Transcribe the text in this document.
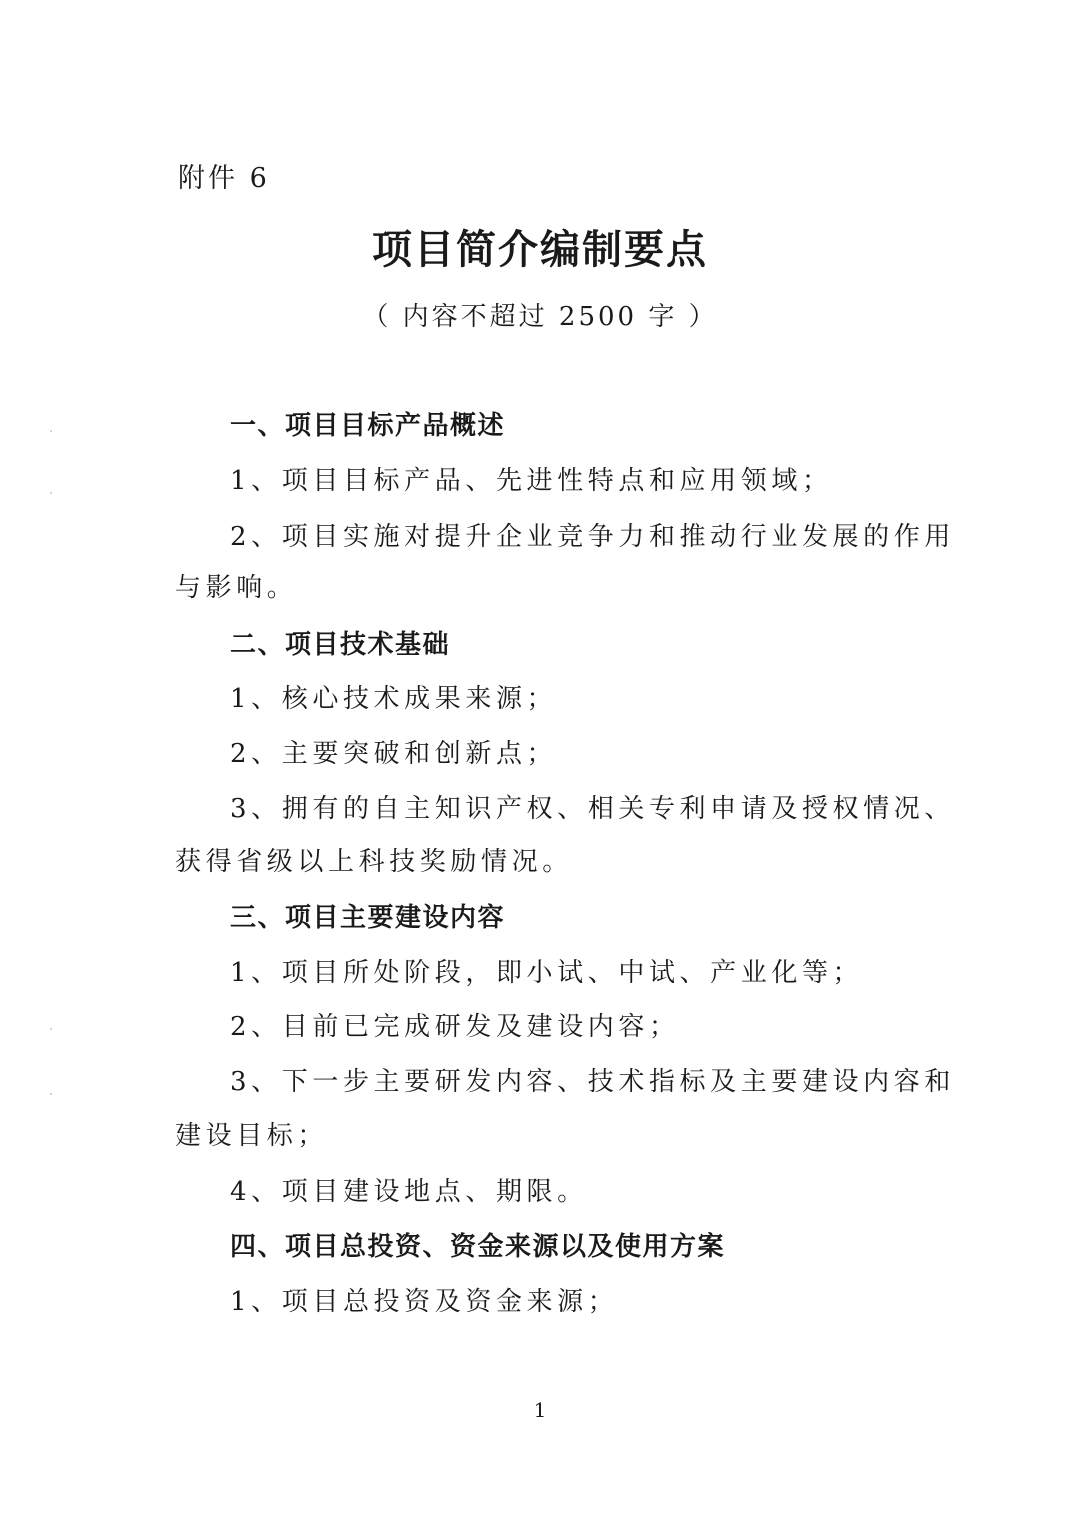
附件 6
项目简介编制要点
（ 内容不超过 2500 字 ）
一、项目目标产品概述
1、项目目标产品、先进性特点和应用领域；
2、项目实施对提升企业竞争力和推动行业发展的作用
与影响。
二、项目技术基础
1、核心技术成果来源；
2、主要突破和创新点；
3、拥有的自主知识产权、相关专利申请及授权情况、
获得省级以上科技奖励情况。
三、项目主要建设内容
1、项目所处阶段，即小试、中试、产业化等；
2、目前已完成研发及建设内容；
3、下一步主要研发内容、技术指标及主要建设内容和
建设目标；
4、项目建设地点、期限。
四、项目总投资、资金来源以及使用方案
1、项目总投资及资金来源；
1
